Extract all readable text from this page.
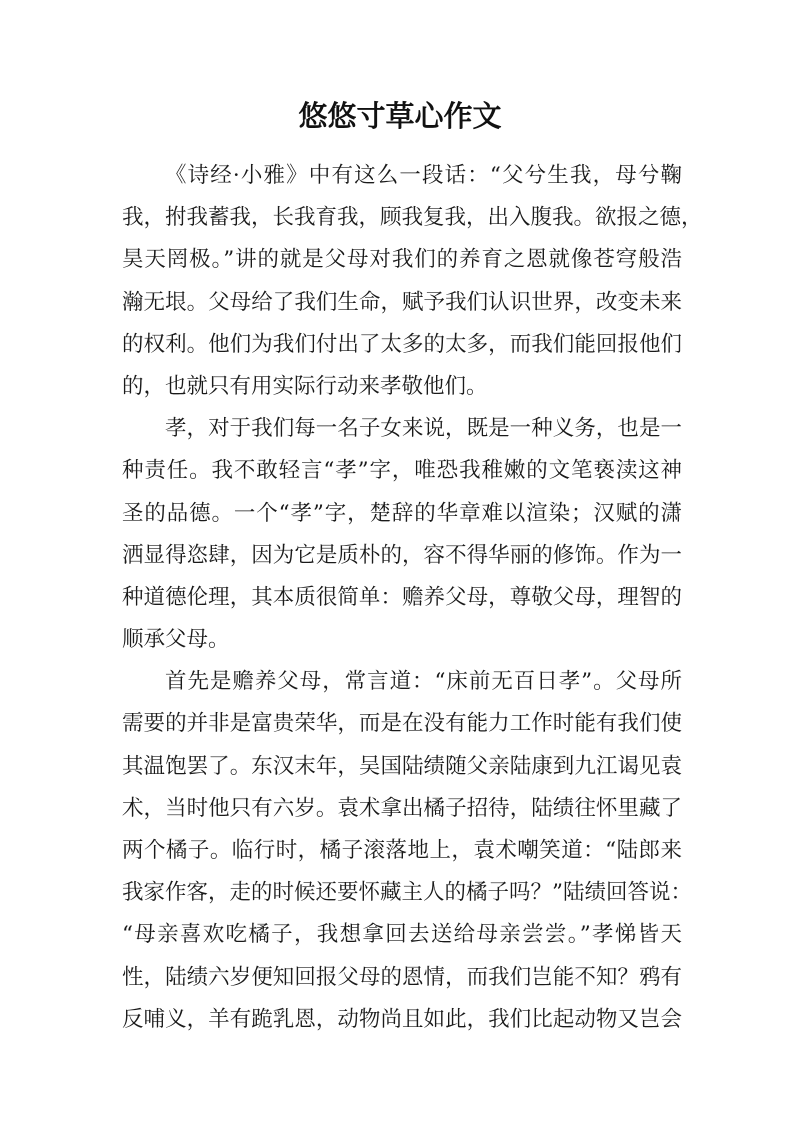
悠悠寸草心作文
《诗经·小雅》中有这么一段话：“父兮生我，母兮鞠
我，拊我蓄我，长我育我，顾我复我，出入腹我。欲报之德，
昊天罔极。”讲的就是父母对我们的养育之恩就像苍穹般浩
瀚无垠。父母给了我们生命，赋予我们认识世界，改变未来
的权利。他们为我们付出了太多的太多，而我们能回报他们
的，也就只有用实际行动来孝敬他们。
孝，对于我们每一名子女来说，既是一种义务，也是一
种责任。我不敢轻言“孝”字，唯恐我稚嫩的文笔亵渎这神
圣的品德。一个“孝”字，楚辞的华章难以渲染；汉赋的潇
洒显得恣肆，因为它是质朴的，容不得华丽的修饰。作为一
种道德伦理，其本质很简单：赡养父母，尊敬父母，理智的
顺承父母。
首先是赡养父母，常言道：“床前无百日孝”。父母所
需要的并非是富贵荣华，而是在没有能力工作时能有我们使
其温饱罢了。东汉末年，吴国陆绩随父亲陆康到九江谒见袁
术，当时他只有六岁。袁术拿出橘子招待，陆绩往怀里藏了
两个橘子。临行时，橘子滚落地上，袁术嘲笑道：“陆郎来
我家作客，走的时候还要怀藏主人的橘子吗？”陆绩回答说：
“母亲喜欢吃橘子，我想拿回去送给母亲尝尝。”孝悌皆天
性，陆绩六岁便知回报父母的恩情，而我们岂能不知？鸦有
反哺义，羊有跪乳恩，动物尚且如此，我们比起动物又岂会
